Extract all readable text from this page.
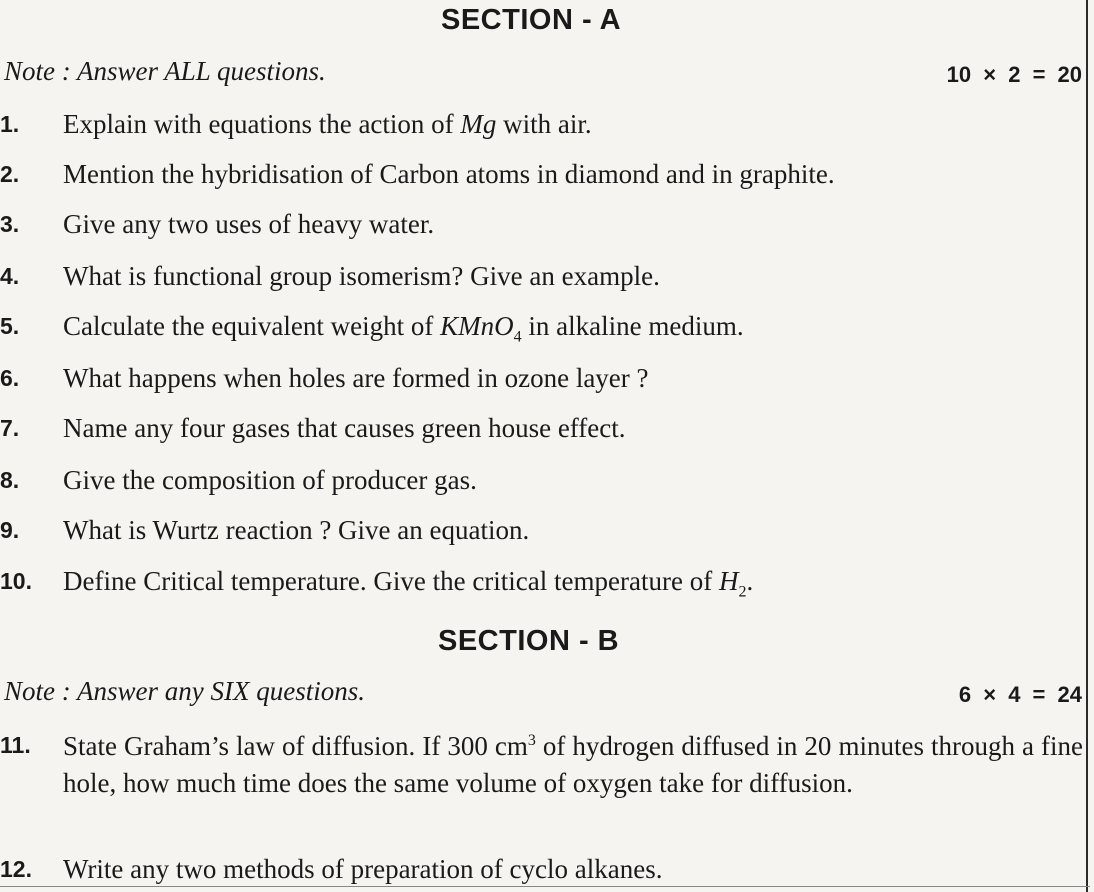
SECTION - A
Note : Answer ALL questions.	10 × 2 = 20
1. Explain with equations the action of Mg with air.
2. Mention the hybridisation of Carbon atoms in diamond and in graphite.
3. Give any two uses of heavy water.
4. What is functional group isomerism? Give an example.
5. Calculate the equivalent weight of KMnO$_4$ in alkaline medium.
6. What happens when holes are formed in ozone layer ?
7. Name any four gases that causes green house effect.
8. Give the composition of producer gas.
9. What is Wurtz reaction ? Give an equation.
10. Define Critical temperature. Give the critical temperature of $H_2$.
SECTION - B
Note : Answer any SIX questions.	6 × 4 = 24
11. State Graham’s law of diffusion. If 300 $cm^3$ of hydrogen diffused in 20 minutes through a fine hole, how much time does the same volume of oxygen take for diffusion.
12. Write any two methods of preparation of cyclo alkanes.
